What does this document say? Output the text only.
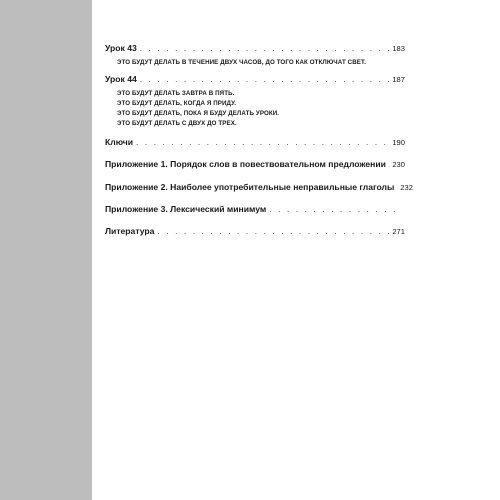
Урок 43 . . .	183
ЭТО БУДУТ ДЕЛАТЬ В ТЕЧЕНИЕ ДВУХ ЧАСОВ, ДО ТОГО КАК ОТКЛЮЧАТ СВЕТ.
Урок 44 . . .	187
ЭТО БУДУТ ДЕЛАТЬ ЗАВТРА В ПЯТЬ.
ЭТО БУДУТ ДЕЛАТЬ, КОГДА Я ПРИДУ.
ЭТО БУДУТ ДЕЛАТЬ, ПОКА Я БУДУ ДЕЛАТЬ УРОКИ.
ЭТО БУДУТ ДЕЛАТЬ С ДВУХ ДО ТРЕХ.
Ключи . . .	190
Приложение 1. Порядок слов в повествовательном предложении . . . 230
Приложение 2. Наиболее употребительные неправильные глаголы 232
Приложение 3. Лексический минимум
. . .
Литература . . .	271
